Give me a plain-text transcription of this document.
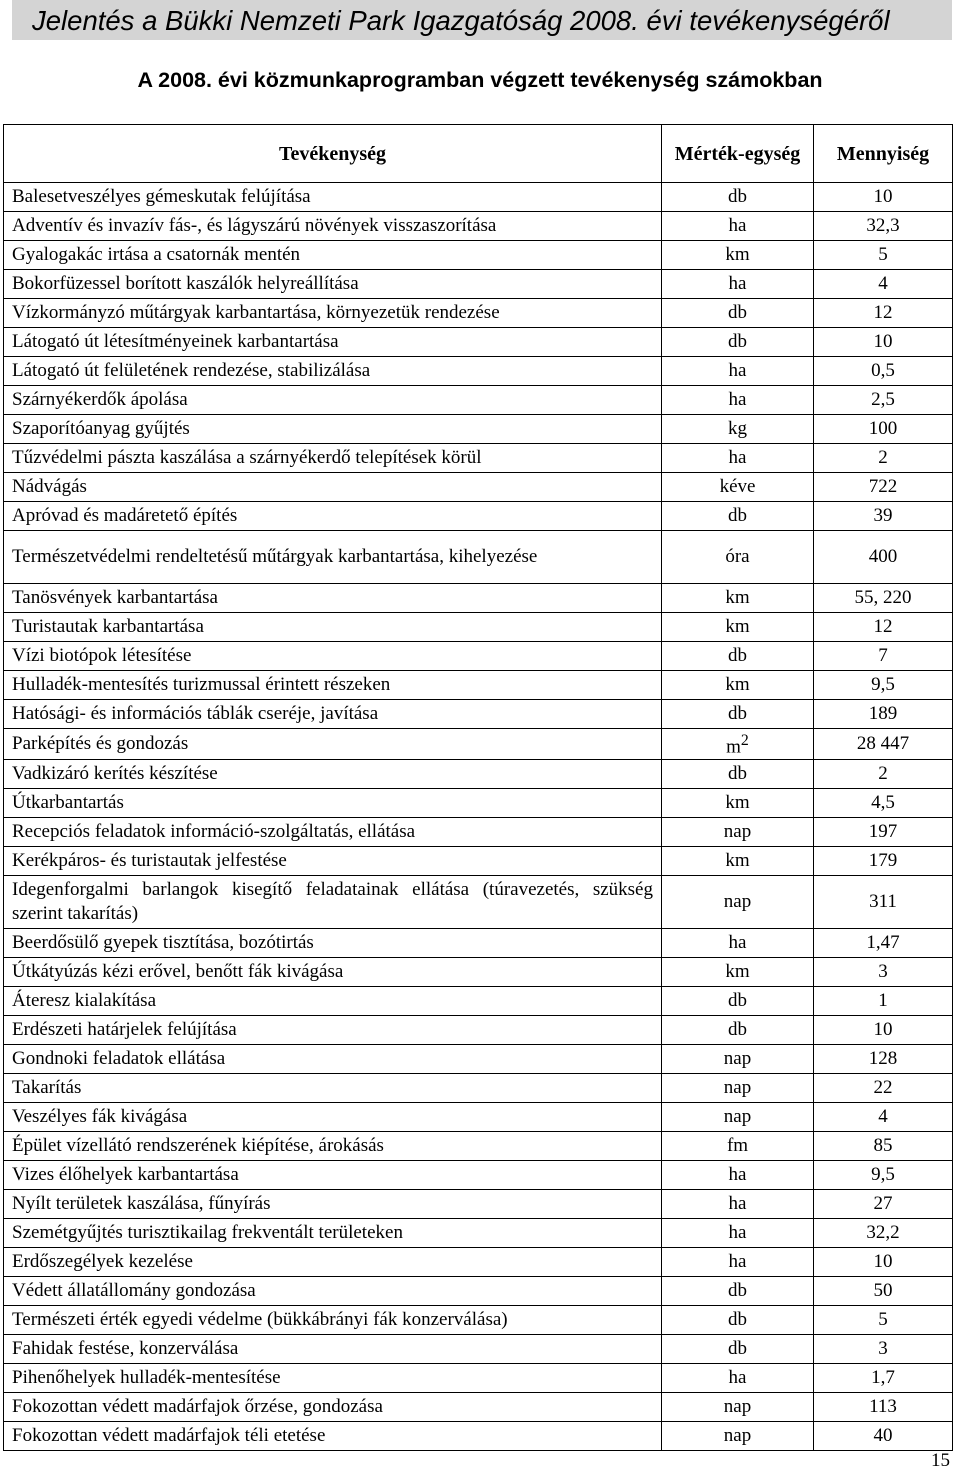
Jelentés a Bükki Nemzeti Park Igazgatóság 2008. évi tevékenységéről
A 2008. évi közmunkaprogramban végzett tevékenység számokban
Tevékenység	Mérték-egység	Mennyiség
Balesetveszélyes gémeskutak felújítása	db	10
Adventív és invazív fás-, és lágyszárú növények visszaszorítása	ha	32,3
Gyalogakác irtása a csatornák mentén	km	5
Bokorfüzessel borított kaszálók helyreállítása	ha	4
Vízkormányzó műtárgyak karbantartása, környezetük rendezése	db	12
Látogató út létesítményeinek karbantartása	db	10
Látogató út felületének rendezése, stabilizálása	ha	0,5
Szárnyékerdők ápolása	ha	2,5
Szaporítóanyag gyűjtés	kg	100
Tűzvédelmi pászta kaszálása a szárnyékerdő telepítések körül	ha	2
Nádvágás	kéve	722
Apróvad és madáretető építés	db	39
Természetvédelmi rendeltetésű műtárgyak karbantartása, kihelyezése	óra	400
Tanösvények karbantartása	km	55, 220
Turistautak karbantartása	km	12
Vízi biotópok létesítése	db	7
Hulladék-mentesítés turizmussal érintett részeken	km	9,5
Hatósági- és információs táblák cseréje, javítása	db	189
Parképítés és gondozás	$m^2$	28 447
Vadkizáró kerítés készítése	db	2
Útkarbantartás	km	4,5
Recepciós feladatok információ-szolgáltatás, ellátása	nap	197
Kerékpáros- és turistautak jelfestése	km	179
Idegenforgalmi barlangok kisegítő feladatainak ellátása (túravezetés, szükség szerint takarítás)	nap	311
Beerdősülő gyepek tisztítása, bozótirtás	ha	1,47
Útkátyúzás kézi erővel, benőtt fák kivágása	km	3
Áteresz kialakítása	db	1
Erdészeti határjelek felújítása	db	10
Gondnoki feladatok ellátása	nap	128
Takarítás	nap	22
Veszélyes fák kivágása	nap	4
Épület vízellátó rendszerének kiépítése, árokásás	fm	85
Vizes élőhelyek karbantartása	ha	9,5
Nyílt területek kaszálása, fűnyírás	ha	27
Szemétgyűjtés turisztikailag frekventált területeken	ha	32,2
Erdőszegélyek kezelése	ha	10
Védett állatállomány gondozása	db	50
Természeti érték egyedi védelme (bükkábrányi fák konzerválása)	db	5
Fahidak festése, konzerválása	db	3
Pihenőhelyek hulladék-mentesítése	ha	1,7
Fokozottan védett madárfajok őrzése, gondozása	nap	113
Fokozottan védett madárfajok téli etetése	nap	40
15
